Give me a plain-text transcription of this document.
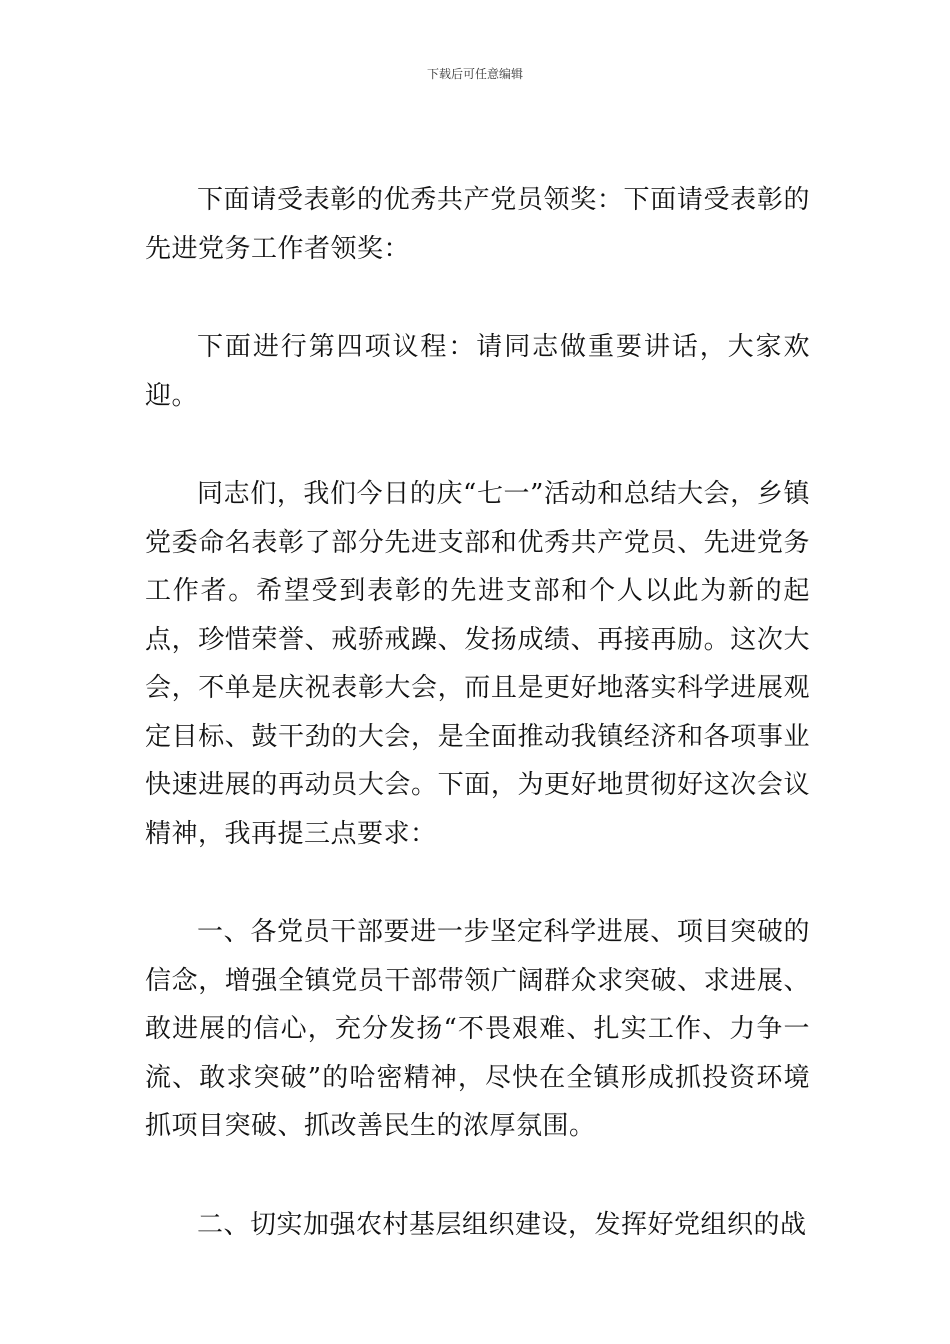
下载后可任意编辑

下面请受表彰的优秀共产党员领奖：下面请受表彰的先进党务工作者领奖：

下面进行第四项议程：请同志做重要讲话，大家欢迎。

同志们，我们今日的庆“七一”活动和总结大会，乡镇党委命名表彰了部分先进支部和优秀共产党员、先进党务工作者。希望受到表彰的先进支部和个人以此为新的起点，珍惜荣誉、戒骄戒躁、发扬成绩、再接再励。这次大会，不单是庆祝表彰大会，而且是更好地落实科学进展观定目标、鼓干劲的大会，是全面推动我镇经济和各项事业快速进展的再动员大会。下面，为更好地贯彻好这次会议精神，我再提三点要求：

一、各党员干部要进一步坚定科学进展、项目突破的信念，增强全镇党员干部带领广阔群众求突破、求进展、敢进展的信心，充分发扬“不畏艰难、扎实工作、力争一流、敢求突破”的哈密精神，尽快在全镇形成抓投资环境抓项目突破、抓改善民生的浓厚氛围。

二、切实加强农村基层组织建设，发挥好党组织的战
